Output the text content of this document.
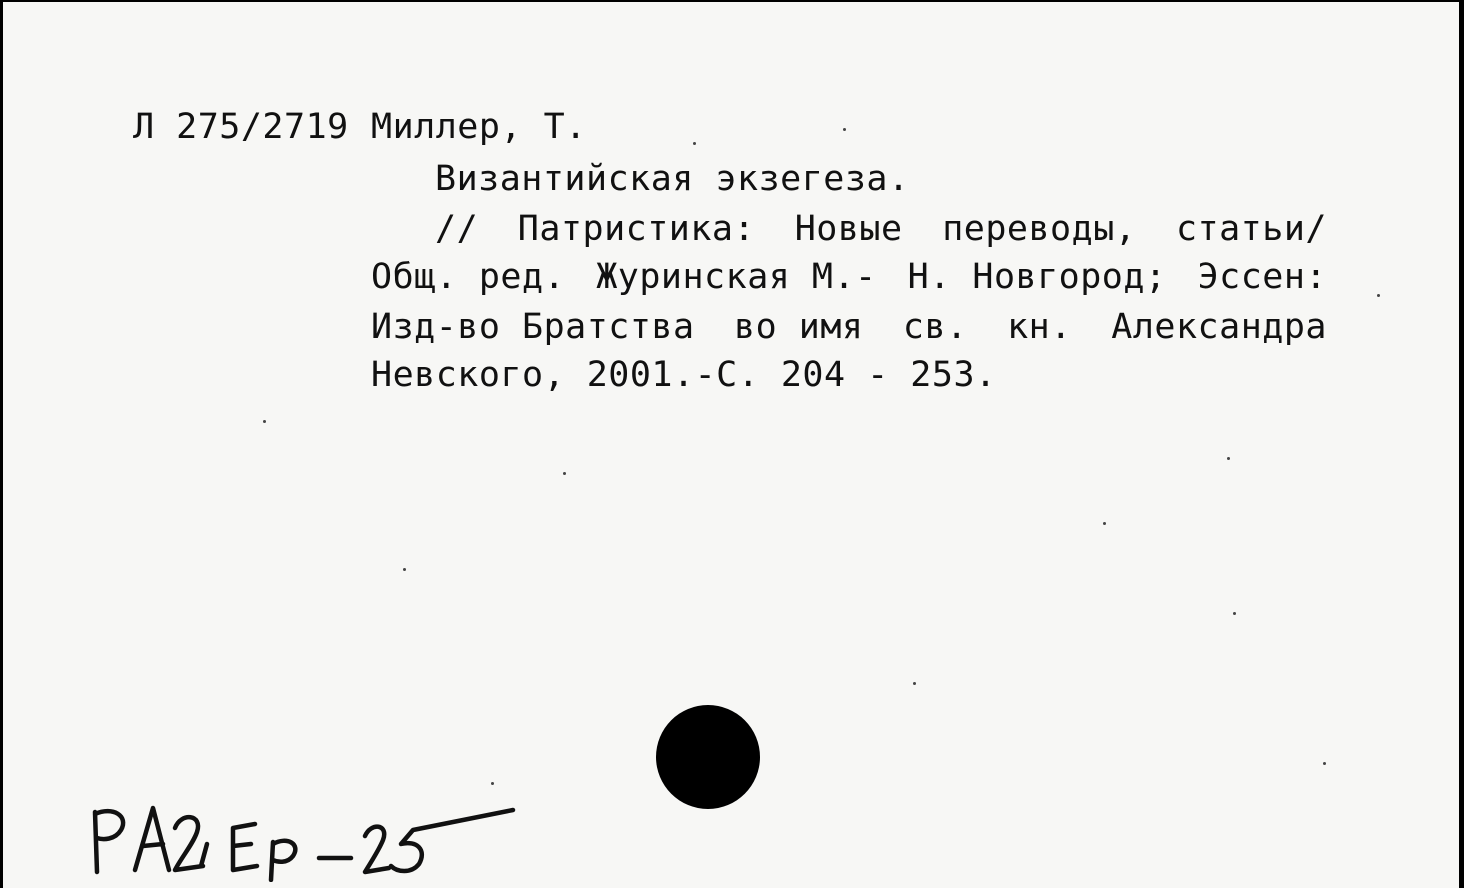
Л 275/2719 Миллер, Т.
Византийская экзегеза.
// Патристика: Новые переводы, статьи/
Общ. ред. Журинская М.- Н. Новгород; Эссен:
Изд-во Братства во имя св. кн. Александра
Невского, 2001.-С. 204 - 253.
